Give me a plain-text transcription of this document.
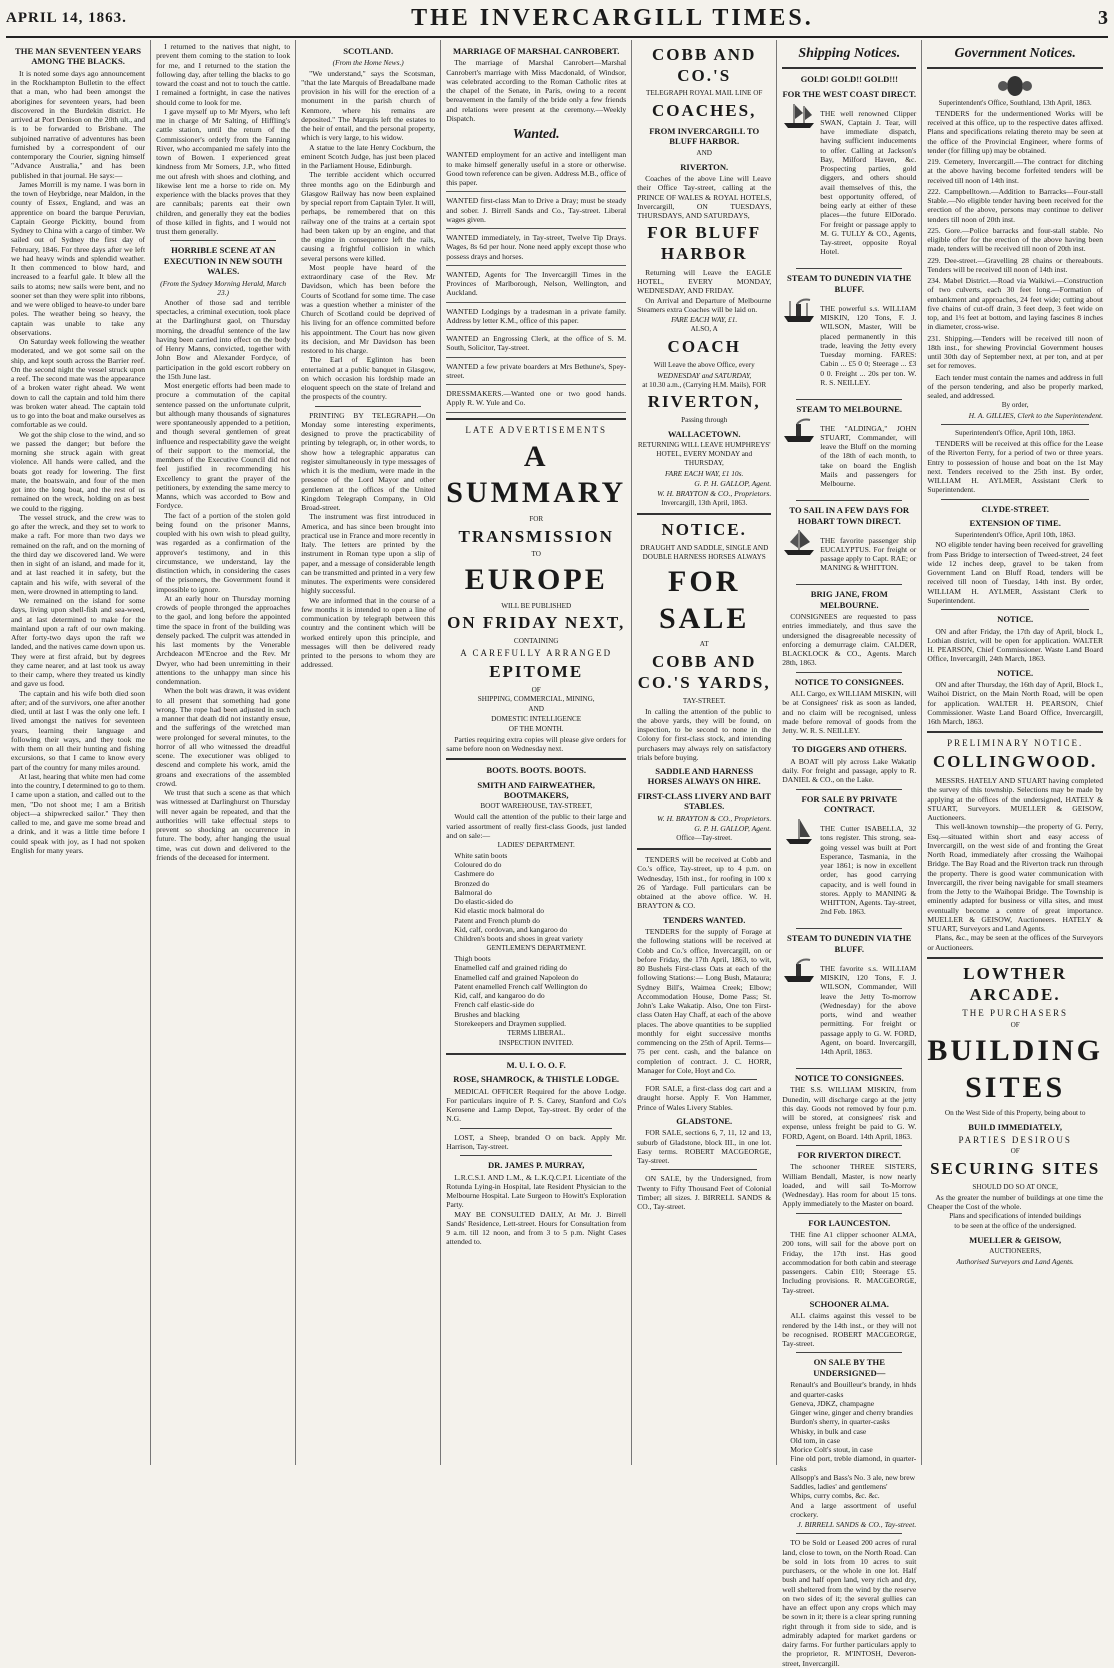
APRIL 14, 1863.	THE INVERCARGILL TIMES.	3
THE MAN SEVENTEEN YEARS AMONG THE BLACKS.

It is noted some days ago announcement in the Rockhampton Bulletin to the effect that a man, who had been amongst the aborigines for seventeen years, had been discovered in the Burdekin district. He arrived at Port Denison on the 20th ult., and is to be forwarded to Brisbane. The subjoined narrative of adventures has been furnished by a correspondent of our contemporary the Courier, signing himself "Advance Australia," and has been published in that journal. He says:—

James Morrill is my name. I was born in the town of Heybridge, near Maldon, in the county of Essex, England, and was an apprentice on board the barque Peruvian, Captain George Pickitty, bound from Sydney to China with a cargo of timber. We sailed out of Sydney the first day of February, 1846. For three days after we left we had heavy winds and splendid weather. It then commenced to blow hard, and increased to a fearful gale. It blew all the sails to atoms; new sails were bent, and no sooner set than they were split into ribbons, and we were obliged to heave-to under bare poles. The weather being so heavy, the captain was unable to take any observations.

On Saturday week following the weather moderated, and we got some sail on the ship, and kept south across the Barrier reef. On the second night the vessel struck upon a reef. The second mate was the appearance of a broken water right ahead. We went down to call the captain and told him there was broken water ahead. The captain told us to go into the boat and make ourselves as comfortable as we could.

We got the ship close to the wind, and so we passed the danger; but before the morning she struck again with great violence. All hands were called, and the boats got ready for lowering. The first mate, the boatswain, and four of the men got into the long boat, and the rest of us remained on the wreck, holding on as best we could to the rigging.

The vessel struck, and the crew was to go after the wreck, and they set to work to make a raft. For more than two days we remained on the raft, and on the morning of the third day we discovered land. We were then in sight of an island, and made for it, and at last reached it in safety, but the captain and his wife, with several of the men, were drowned in attempting to land.

We remained on the island for some days, living upon shell-fish and sea-weed, and at last determined to make for the mainland upon a raft of our own making. After forty-two days upon the raft we landed, and the natives came down upon us. They were at first afraid, but by degrees they came nearer, and at last took us away to their camp, where they treated us kindly and gave us food.

The captain and his wife both died soon after; and of the survivors, one after another died, until at last I was the only one left. I lived amongst the natives for seventeen years, learning their language and following their ways, and they took me with them on all their hunting and fishing excursions, so that I came to know every part of the country for many miles around.

At last, hearing that white men had come into the country, I determined to go to them. I came upon a station, and called out to the men, "Do not shoot me; I am a British object—a shipwrecked sailor." They then called to me, and gave me some bread and a drink, and it was a little time before I could speak with joy, as I had not spoken English for many years.

I returned to the natives that night, to prevent them coming to the station to look for me, and I returned to the station the following day, after telling the blacks to go toward the coast and not to touch the cattle. I remained a fortnight, in case the natives should come to look for me.

I gave myself up to Mr Myers, who left me in charge of Mr Salting, of Hiffling's cattle station, until the return of the Commissioner's orderly from the Fanning River, who accompanied me safely into the town of Bowen. I experienced great kindness from Mr Somers, J.P., who fitted me out afresh with shoes and clothing, and likewise lent me a horse to ride on. My experience with the blacks proves that they are cannibals; parents eat their own children, and generally they eat the bodies of those killed in fights, and I would not trust them generally.

HORRIBLE SCENE AT AN EXECUTION IN NEW SOUTH WALES.
(From the Sydney Morning Herald, March 23.)

Another of those sad and terrible spectacles, a criminal execution, took place at the Darlinghurst gaol, on Thursday morning, the dreadful sentence of the law having been carried into effect on the body of Henry Manns, convicted, together with John Bow and Alexander Fordyce, of participation in the gold escort robbery on the 15th June last.

Most energetic efforts had been made to procure a commutation of the capital sentence passed on the unfortunate culprit, but although many thousands of signatures were spontaneously appended to a petition, and though several gentlemen of great influence and respectability gave the weight of their support to the memorial, the members of the Executive Council did not feel justified in recommending his Excellency to grant the prayer of the petitioners, by extending the same mercy to Manns, which was accorded to Bow and Fordyce.

The fact of a portion of the stolen gold being found on the prisoner Manns, coupled with his own wish to plead guilty, was regarded as a confirmation of the approver's testimony, and in this circumstance, we understand, lay the distinction which, in considering the cases of the prisoners, the Government found it impossible to ignore.

At an early hour on Thursday morning crowds of people thronged the approaches to the gaol, and long before the appointed time the space in front of the building was densely packed. The culprit was attended in his last moments by the Venerable Archdeacon M'Encroe and the Rev. Mr Dwyer, who had been unremitting in their attentions to the unhappy man since his condemnation.

When the bolt was drawn, it was evident to all present that something had gone wrong. The rope had been adjusted in such a manner that death did not instantly ensue, and the sufferings of the wretched man were prolonged for several minutes, to the horror of all who witnessed the dreadful scene. The executioner was obliged to descend and complete his work, amid the groans and execrations of the assembled crowd.

We trust that such a scene as that which was witnessed at Darlinghurst on Thursday will never again be repeated, and that the authorities will take effectual steps to prevent so shocking an occurrence in future. The body, after hanging the usual time, was cut down and delivered to the friends of the deceased for interment.

SCOTLAND.
(From the Home News.)

"We understand," says the Scotsman, "that the late Marquis of Breadalbane made provision in his will for the erection of a monument in the parish church of Kenmore, where his remains are deposited." The Marquis left the estates to the heir of entail, and the personal property, which is very large, to his widow.

A statue to the late Henry Cockburn, the eminent Scotch Judge, has just been placed in the Parliament House, Edinburgh.

The terrible accident which occurred three months ago on the Edinburgh and Glasgow Railway has now been explained by special report from Captain Tyler. It will, perhaps, be remembered that on this railway one of the trains at a certain spot had been taken up by an engine, and that the engine in consequence left the rails, causing a frightful collision in which several persons were killed.

Most people have heard of the extraordinary case of the Rev. Mr Davidson, which has been before the Courts of Scotland for some time. The case was a question whether a minister of the Church of Scotland could be deprived of his living for an offence committed before his appointment. The Court has now given its decision, and Mr Davidson has been restored to his charge.

The Earl of Eglinton has been entertained at a public banquet in Glasgow, on which occasion his lordship made an eloquent speech on the state of Ireland and the prospects of the country.

PRINTING BY TELEGRAPH.—On Monday some interesting experiments, designed to prove the practicability of printing by telegraph, or, in other words, to show how a telegraphic apparatus can register simultaneously in type messages of which it is the medium, were made in the presence of the Lord Mayor and other gentlemen at the offices of the United Kingdom Telegraph Company, in Old Broad-street.

The instrument was first introduced in America, and has since been brought into practical use in France and more recently in Italy. The letters are printed by the instrument in Roman type upon a slip of paper, and a message of considerable length can be transmitted and printed in a very few minutes. The experiments were considered highly successful.

We are informed that in the course of a few months it is intended to open a line of communication by telegraph between this country and the continent which will be worked entirely upon this principle, and messages will then be delivered ready printed to the persons to whom they are addressed.

MARRIAGE OF MARSHAL CANROBERT.

The marriage of Marshal Canrobert—Marshal Canrobert's marriage with Miss Macdonald, of Windsor, was celebrated according to the Roman Catholic rites at the chapel of the Senate, in Paris, owing to a recent bereavement in the family of the bride only a few friends and relations were present at the ceremony.—Weekly Dispatch.

Wanted.

WANTED employment for an active and intelligent man to make himself generally useful in a store or otherwise. Good town reference can be given. Address M.B., office of this paper.

WANTED first-class Man to Drive a Dray; must be steady and sober. J. Birrell Sands and Co., Tay-street. Liberal wages given.

WANTED immediately, in Tay-street, Twelve Tip Drays. Wages, 8s 6d per hour. None need apply except those who possess drays and horses.

WANTED, Agents for The Invercargill Times in the Provinces of Marlborough, Nelson, Wellington, and Auckland.

WANTED Lodgings by a tradesman in a private family. Address by letter K.M., office of this paper.

WANTED an Engrossing Clerk, at the office of S. M. South, Solicitor, Tay-street.

WANTED a few private boarders at Mrs Bethune's, Spey-street.

DRESSMAKERS.—Wanted one or two good hands. Apply R. W. Yule and Co.

LATE ADVERTISEMENTS
A SUMMARY
FOR
TRANSMISSION
TO
EUROPE
WILL BE PUBLISHED
ON FRIDAY NEXT,
CONTAINING
A CAREFULLY ARRANGED
EPITOME
OF
SHIPPING, COMMERCIAL, MINING,
AND
DOMESTIC INTELLIGENCE
OF THE MONTH.

Parties requiring extra copies will please give orders for same before noon on Wednesday next.

BOOTS. BOOTS. BOOTS.
SMITH AND FAIRWEATHER, BOOTMAKERS,
BOOT WAREHOUSE, TAY-STREET,

Would call the attention of the public to their large and varied assortment of really first-class Goods, just landed and on sale:—

LADIES' DEPARTMENT.
White satin boots
Coloured do do
Cashmere do
Bronzed do
Balmoral do
Do elastic-sided do
Kid elastic mock balmoral do
Patent and French plumb do
Kid, calf, cordovan, and kangaroo do
Children's boots and shoes in great variety
GENTLEMEN'S DEPARTMENT.
Thigh boots
Enamelled calf and grained riding do
Enamelled calf and grained Napoleon do
Patent enamelled French calf Wellington do
Kid, calf, and kangaroo do do
French calf elastic-side do
Brushes and blacking
Storekeepers and Draymen supplied.
TERMS LIBERAL.
INSPECTION INVITED.
M. U. I. O. O. F.
ROSE, SHAMROCK, & THISTLE LODGE.

MEDICAL OFFICER Required for the above Lodge. For particulars inquire of P. S. Carey, Stanford and Co's Kerosene and Lamp Depot, Tay-street. By order of the N.G.

LOST, a Sheep, branded O on back. Apply Mr. Harrison, Tay-street.

DR. JAMES P. MURRAY,

L.R.C.S.I. AND L.M., & L.K.Q.C.P.I. Licentiate of the Rotunda Lying-in Hospital, late Resident Physician to the Melbourne Hospital. Late Surgeon to Howitt's Exploration Party.

MAY BE CONSULTED DAILY, At Mr. J. Birrell Sands' Residence, Lett-street. Hours for Consultation from 9 a.m. till 12 noon, and from 3 to 5 p.m. Night Cases attended to.

COBB AND CO.'S
TELEGRAPH ROYAL MAIL LINE OF
COACHES,
FROM INVERCARGILL TO BLUFF HARBOR.
AND
RIVERTON.

Coaches of the above Line will Leave their Office Tay-street, calling at the PRINCE OF WALES & ROYAL HOTELS, Invercargill, ON TUESDAYS, THURSDAYS, AND SATURDAYS,

FOR BLUFF HARBOR

Returning will Leave the EAGLE HOTEL, EVERY MONDAY, WEDNESDAY, AND FRIDAY.

On Arrival and Departure of Melbourne Steamers extra Coaches will be laid on.

FARE EACH WAY, £1.
ALSO, A
COACH
Will Leave the above Office, every
WEDNESDAY and SATURDAY,
at 10.30 a.m., (Carrying H.M. Mails), FOR
RIVERTON,
Passing through
WALLACETOWN.
RETURNING WILL LEAVE HUMPHREYS' HOTEL, EVERY MONDAY and THURSDAY,
FARE EACH WAY, £1 10s.
G. P. H. GALLOP, Agent.
W. H. BRAYTON & CO., Proprietors.
Invercargill, 13th April, 1863.
NOTICE.
DRAUGHT AND SADDLE, SINGLE AND DOUBLE HARNESS HORSES ALWAYS
FOR SALE
AT
COBB AND CO.'S YARDS,
TAY-STREET.

In calling the attention of the public to the above yards, they will be found, on inspection, to be second to none in the Colony for first-class stock, and intending purchasers may always rely on satisfactory trials before buying.

SADDLE AND HARNESS HORSES ALWAYS ON HIRE.
FIRST-CLASS LIVERY AND BAIT STABLES.
W. H. BRAYTON & CO., Proprietors.
G. P. H. GALLOP, Agent.
Office—Tay-street.

TENDERS will be received at Cobb and Co.'s office, Tay-street, up to 4 p.m. on Wednesday, 15th inst., for roofing in 100 x 26 of Yardage. Full particulars can be obtained at the above office. W. H. BRAYTON & CO.

TENDERS WANTED.

TENDERS for the supply of Forage at the following stations will be received at Cobb and Co.'s office, Invercargill, on or before Friday, the 17th April, 1863, to wit, 80 Bushels First-class Oats at each of the following Stations:— Long Bush, Mataura; Sydney Bill's, Waimea Creek; Elbow; Accommodation House, Dome Pass; St. John's Lake Wakatip. Also, One ton First-class Oaten Hay Chaff, at each of the above places. The above quantities to be supplied monthly for eight successive months commencing on the 25th of April. Terms—75 per cent. cash, and the balance on completion of contract. J. C. HORR, Manager for Cole, Hoyt and Co.

FOR SALE, a first-class dog cart and a draught horse. Apply F. Von Hammer, Prince of Wales Livery Stables.

GLADSTONE.

FOR SALE, sections 6, 7, 11, 12 and 13, suburb of Gladstone, block III., in one lot. Easy terms. ROBERT MACGEORGE, Tay-street.

ON SALE, by the Undersigned, from Twenty to Fifty Thousand Feet of Colonial Timber; all sizes. J. BIRRELL SANDS & CO., Tay-street.

Shipping Notices.
GOLD! GOLD!! GOLD!!!
FOR THE WEST COAST DIRECT.

THE well renowned Clipper SWAN, Captain J. Tear, will have immediate dispatch, having sufficient inducements to offer. Calling at Jackson's Bay, Milford Haven, &c. Prospecting parties, gold diggers, and others should avail themselves of this, the best opportunity offered, of being early at either of these places—the future ElDorado. For freight or passage apply to M. G. TULLY & CO., Agents, Tay-street, opposite Royal Hotel.

STEAM TO DUNEDIN VIA THE BLUFF.

THE powerful s.s. WILLIAM MISKIN, 120 Tons, F. J. WILSON, Master, Will be placed permanently in this trade, leaving the Jetty every Tuesday morning. FARES: Cabin ... £5 0 0; Steerage ... £3 0 0. Freight ... 20s per ton. W. R. S. NEILLEY.

STEAM TO MELBOURNE.

THE "ALDINGA," JOHN STUART, Commander, will leave the Bluff on the morning of the 18th of each month, to take on board the English Mails and passengers for Melbourne.

TO SAIL IN A FEW DAYS FOR HOBART TOWN DIRECT.

THE favorite passenger ship EUCALYPTUS. For freight or passage apply to Capt. RAE; or MANING & WHITTON.

BRIG JANE, FROM MELBOURNE.

CONSIGNEES are requested to pass entries immediately, and thus save the undersigned the disagreeable necessity of enforcing a demurrage claim. CALDER, BLACKLOCK & CO., Agents. March 28th, 1863.

NOTICE TO CONSIGNEES.

ALL Cargo, ex WILLIAM MISKIN, will be at Consignees' risk as soon as landed, and no claim will be recognised, unless made before removal of goods from the Jetty. W. R. S. NEILLEY.

TO DIGGERS AND OTHERS.

A BOAT will ply across Lake Wakatip daily. For freight and passage, apply to R. DANIEL & CO., on the Lake.

FOR SALE BY PRIVATE CONTRACT.

THE Cutter ISABELLA, 32 tons register. This strong, sea-going vessel was built at Port Esperance, Tasmania, in the year 1861; is now in excellent order, has good carrying capacity, and is well found in stores. Apply to MANING & WHITTON, Agents. Tay-street, 2nd Feb. 1863.

STEAM TO DUNEDIN VIA THE BLUFF.

THE favorite s.s. WILLIAM MISKIN, 120 Tons, F. J. WILSON, Commander, Will leave the Jetty To-morrow (Wednesday) for the above ports, wind and weather permitting. For freight or passage apply to G. W. FORD, Agent, on board. Invercargill, 14th April, 1863.

NOTICE TO CONSIGNEES.

THE S.S. WILLIAM MISKIN, from Dunedin, will discharge cargo at the jetty this day. Goods not removed by four p.m. will be stored, at consignees' risk and expense, unless freight be paid to G. W. FORD, Agent, on Board. 14th April, 1863.

FOR RIVERTON DIRECT.

The schooner THREE SISTERS, William Bendall, Master, is now nearly loaded, and will sail To-Morrow (Wednesday). Has room for about 15 tons. Apply immediately to the Master on board.

FOR LAUNCESTON.

THE fine A1 clipper schooner ALMA, 200 tons, will sail for the above port on Friday, the 17th inst. Has good accommodation for both cabin and steerage passengers. Cabin £10; Steerage £5. Including provisions. R. MACGEORGE, Tay-street.

SCHOONER ALMA.

ALL claims against this vessel to be rendered by the 14th inst., or they will not be recognised. ROBERT MACGEORGE, Tay-street.

ON SALE BY THE UNDERSIGNED—
Renault's and Bouilleur's brandy, in hhds and quarter-casks
Geneva, JDKZ, champagne
Ginger wine, ginger and cherry brandies
Burdon's sherry, in quarter-casks
Whisky, in bulk and case
Old tom, in case
Morice Colt's stout, in case
Fine old port, treble diamond, in quarter-casks
Allsopp's and Bass's No. 3 ale, new brew
Saddles, ladies' and gentlemens'
Whips, curry combs, &c. &c.
And a large assortment of useful crockery.
J. BIRRELL SANDS & CO., Tay-street.

TO be Sold or Leased 200 acres of rural land, close to town, on the North Road. Can be sold in lots from 10 acres to suit purchasers, or the whole in one lot. Half bush and half open land, very rich and dry, well sheltered from the wind by the reserve on two sides of it; the several gullies can have an effect upon any crops which may be sown in it; there is a clear spring running right through it from side to side, and is admirably adapted for market gardens or dairy farms. For further particulars apply to the proprietor, R. M'INTOSH, Deveron-street, Invercargill.

Government Notices.
Superintendent's Office, Southland, 13th April, 1863.

TENDERS for the undermentioned Works will be received at this office, up to the respective dates affixed. Plans and specifications relating thereto may be seen at the office of the Provincial Engineer, where forms of tender (for filling up) may be obtained.

219. Cemetery, Invercargill.—The contract for ditching at the above having become forfeited tenders will be received till noon of 14th inst.

222. Campbelltown.—Addition to Barracks—Four-stall Stable.—No eligible tender having been received for the erection of the above, persons may continue to deliver tenders till noon of 20th inst.

225. Gore.—Police barracks and four-stall stable. No eligible offer for the erection of the above having been made, tenders will be received till noon of 20th inst.

229. Dee-street.—Gravelling 28 chains or thereabouts. Tenders will be received till noon of 14th inst.

234. Mabel District.—Road via Waikiwi.—Construction of two culverts, each 30 feet long.—Formation of embankment and approaches, 24 feet wide; cutting about five chains of cut-off drain, 3 feet deep, 3 feet wide on top, and 1½ feet at bottom, and laying fascines 8 inches in diameter, cross-wise.

231. Shipping.—Tenders will be received till noon of 18th inst., for shewing Provincial Government houses until 30th day of September next, at per ton, and at per set for removes.

Each tender must contain the names and address in full of the person tendering, and also be properly marked, sealed, and addressed.

By order,
H. A. GILLIES, Clerk to the Superintendent.
Superintendent's Office, April 10th, 1863.

TENDERS will be received at this office for the Lease of the Riverton Ferry, for a period of two or three years. Entry to possession of house and boat on the 1st May next. Tenders received to the 25th inst. By order, WILLIAM H. AYLMER, Assistant Clerk to Superintendent.

CLYDE-STREET.
EXTENSION OF TIME.
Superintendent's Office, April 10th, 1863.

NO eligible tender having been received for gravelling from Pass Bridge to intersection of Tweed-street, 24 feet wide 12 inches deep, gravel to be taken from Government Land on Bluff Road, tenders will be received till noon of Tuesday, 14th inst. By order, WILLIAM H. AYLMER, Assistant Clerk to Superintendent.

NOTICE.

ON and after Friday, the 17th day of April, block I., Lothian district, will be open for application. WALTER H. PEARSON, Chief Commissioner. Waste Land Board Office, Invercargill, 24th March, 1863.

NOTICE.

ON and after Thursday, the 16th day of April, Block I., Waihoi District, on the Main North Road, will be open for application. WALTER H. PEARSON, Chief Commissioner. Waste Land Board Office, Invercargill, 16th March, 1863.

PRELIMINARY NOTICE.
COLLINGWOOD.

MESSRS. HATELY AND STUART having completed the survey of this township. Selections may be made by applying at the offices of the undersigned, HATELY & STUART, Surveyors. MUELLER & GEISOW, Auctioneers.

This well-known township—the property of G. Perry, Esq.—situated within short and easy access of Invercargill, on the west side of and fronting the Great North Road, immediately after crossing the Waihopai Bridge. The Bay Road and the Riverton track run through the property. There is good water communication with Invercargill, the river being navigable for small steamers from the Jetty to the Waihopai Bridge. The Township is eminently adapted for business or villa sites, and must eventually become a centre of great importance. MUELLER & GEISOW, Auctioneers. HATELY & STUART, Surveyors and Land Agents.

Plans, &c., may be seen at the offices of the Surveyors or Auctioneers.

LOWTHER ARCADE.
THE PURCHASERS
OF
BUILDING SITES
On the West Side of this Property, being about to
BUILD IMMEDIATELY,
PARTIES DESIROUS
OF
SECURING SITES
SHOULD DO SO AT ONCE,

As the greater the number of buildings at one time the Cheaper the Cost of the whole.

Plans and specifications of intended buildings
to be seen at the office of the undersigned.
MUELLER & GEISOW,
AUCTIONEERS,
Authorised Surveyors and Land Agents.
